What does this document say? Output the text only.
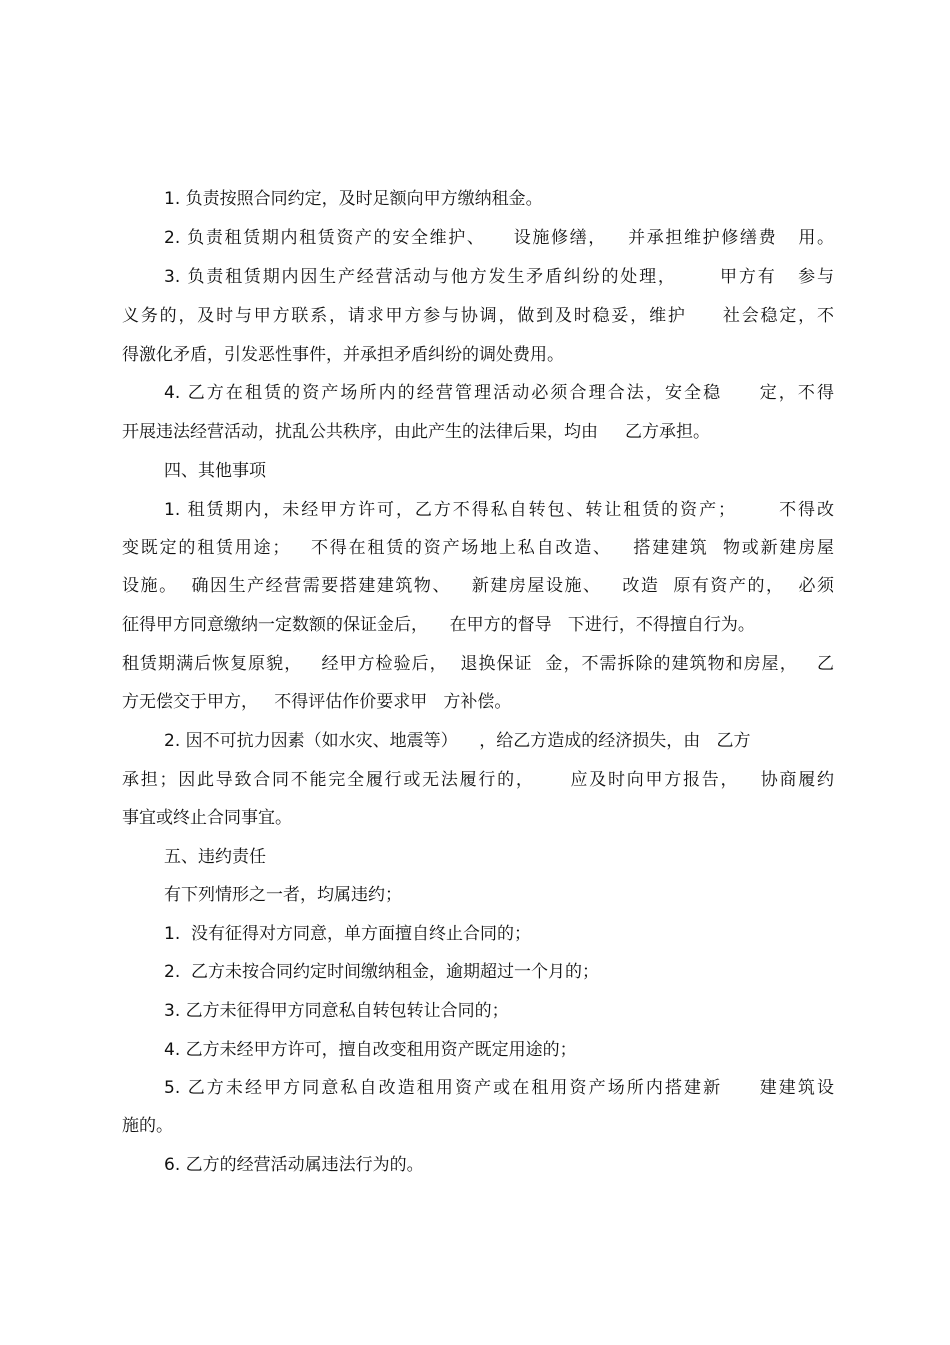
1. 负责按照合同约定，及时足额向甲方缴纳租金。
2. 负责租赁期内租赁资产的安全维护、    设施修缮，   并承担维护修缮费   用。
3. 负责租赁期内因生产经营活动与他方发生矛盾纠纷的处理，      甲方有   参与
义务的，及时与甲方联系，请求甲方参与协调，做到及时稳妥，维护     社会稳定，不
得激化矛盾，引发恶性事件，并承担矛盾纠纷的调处费用。
4. 乙方在租赁的资产场所内的经营管理活动必须合理合法，安全稳     定，不得
开展违法经营活动，扰乱公共秩序，由此产生的法律后果，均由     乙方承担。
四、其他事项
1. 租赁期内，未经甲方许可，乙方不得私自转包、转让租赁的资产；      不得改
变既定的租赁用途；   不得在租赁的资产场地上私自改造、   搭建建筑  物或新建房屋
设施。  确因生产经营需要搭建建筑物、   新建房屋设施、   改造  原有资产的，  必须
征得甲方同意缴纳一定数额的保证金后，    在甲方的督导   下进行，不得擅自行为。
租赁期满后恢复原貌，   经甲方检验后，  退换保证  金，不需拆除的建筑物和房屋，   乙
方无偿交于甲方，   不得评估作价要求甲   方补偿。
2. 因不可抗力因素（如水灾、地震等）    ，给乙方造成的经济损失，由   乙方
承担；因此导致合同不能完全履行或无法履行的，     应及时向甲方报告，   协商履约
事宜或终止合同事宜。
五、违约责任
有下列情形之一者，均属违约；
1.  没有征得对方同意，单方面擅自终止合同的；
2.  乙方未按合同约定时间缴纳租金，逾期超过一个月的；
3. 乙方未征得甲方同意私自转包转让合同的；
4. 乙方未经甲方许可，擅自改变租用资产既定用途的；
5. 乙方未经甲方同意私自改造租用资产或在租用资产场所内搭建新     建建筑设
施的。
6. 乙方的经营活动属违法行为的。
